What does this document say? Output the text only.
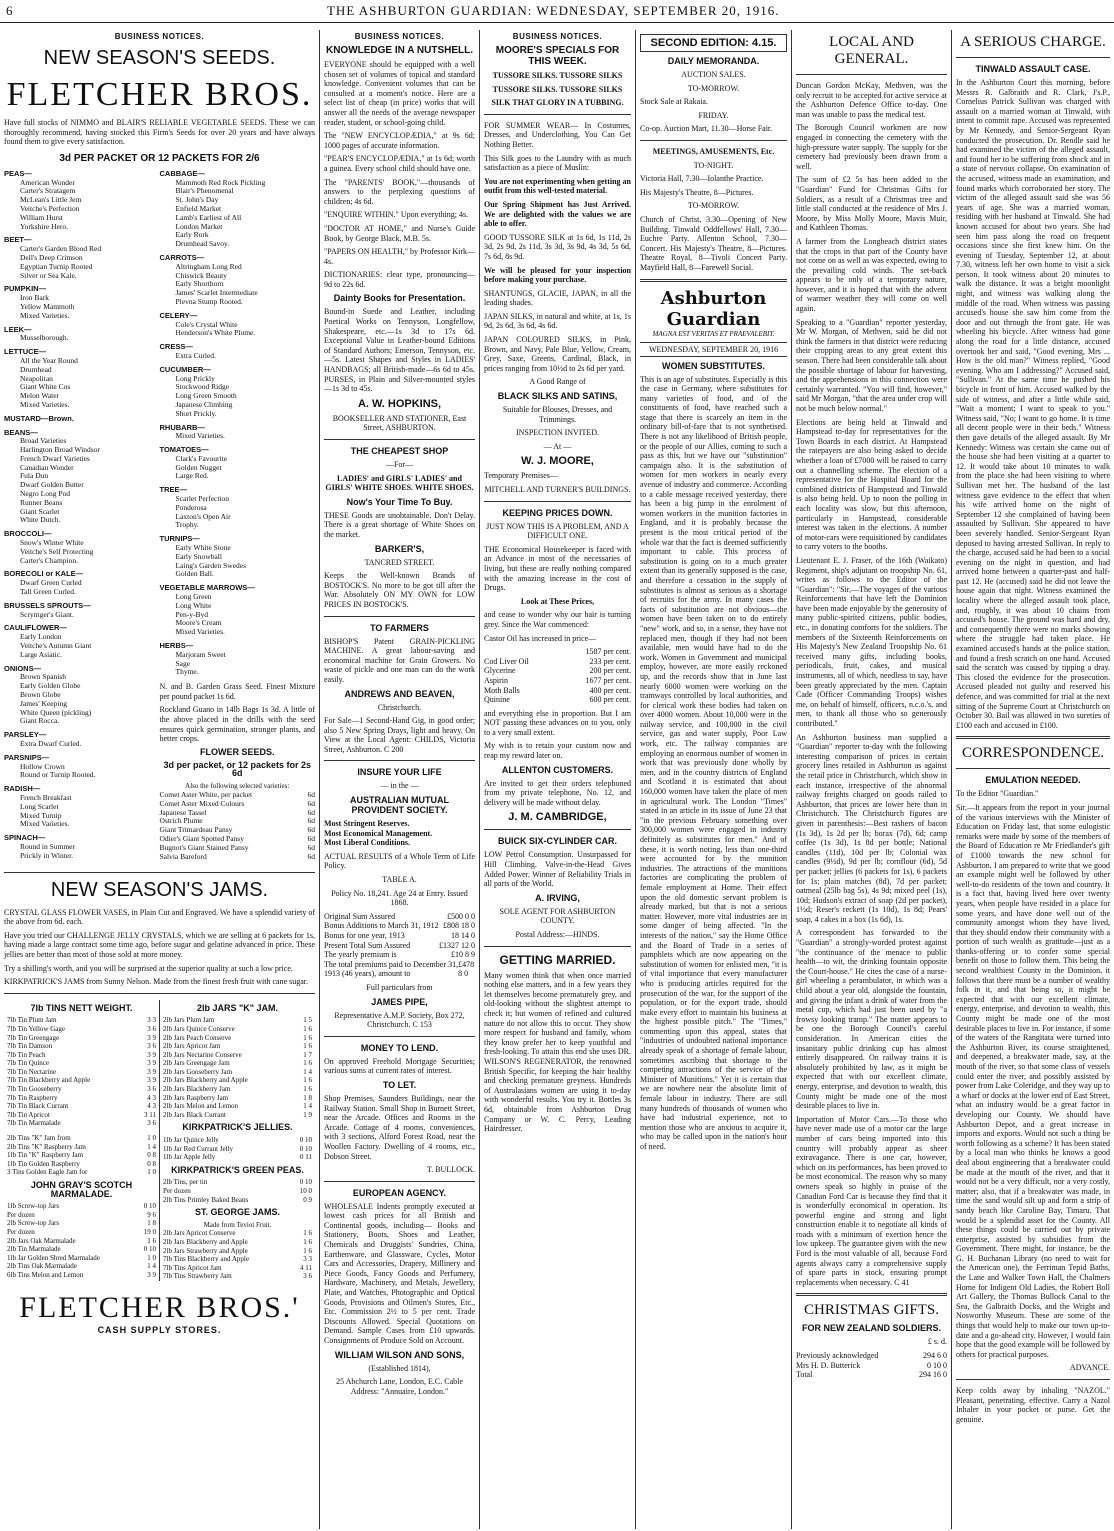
6	THE ASHBURTON GUARDIAN: WEDNESDAY, SEPTEMBER 20, 1916.
BUSINESS NOTICES.
NEW SEASON'S SEEDS.
FLETCHER BROS.

Have full stocks of NIMMO and BLAIR'S RELIABLE VEGETABLE SEEDS. These we can thoroughly recommend, having stocked this Firm's Seeds for over 20 years and have always found them to give every satisfaction.

3d PER PACKET OR 12 PACKETS FOR 2/6
PEAS—
American Wonder
Carter's Stratagem
McLean's Little Jem
Veitche's Perfection
William Hurst
Yorkshire Hero.
BEET—
Carter's Garden Blood Red
Dell's Deep Crimson
Egyptian Turnip Rooted
Silver or Sea Kale.
PUMPKIN—
Iron Bark
Yellow Mammoth
Mixed Varieties.
LEEK—
Musselborough.
LETTUCE—
All the Year Round
Drumhead
Neapolitan
Giant White Cos
Melon Water
Mixed Varieties.
MUSTARD—Brown.
BEANS—
Broad Varieties
Harlington Broad Windsor
French Dwarf Varieties
Canadian Wonder
Fula Dun
Dwarf Golden Butter
Negro Long Pod
Runner Beans
Giant Scarlet
White Dutch.
BROCCOLI—
Snow's Winter White
Veitche's Self Protecting
Carter's Champion.
BORECOLI or KALE—
Dwarf Green Curled
Tall Green Curled.
BRUSSELS SPROUTS—
Scrymger's Giant.
CAULIFLOWER—
Early London
Veitche's Autumn Giant
Large Asiatic.
ONIONS—
Brown Spanish
Early Golden Globe
Brown Globe
James' Keeping
White Queen (pickling)
Giant Rocca.
PARSLEY—
Extra Dwarf Curled.
PARSNIPS—
Hollow Crown
Round or Turnip Rooted.
RADISH—
French Breakfast
Long Scarlet
Mixed Turnip
Mixed Varieties.
SPINACH—
Round in Summer
Prickly in Winter.
CABBAGE—
Mammoth Red Rock Pickling
Blair's Phenomenal
St. John's Day
Enfield Market
Lamb's Earliest of All
London Market
Early Rork
Drumhead Savoy.
CARROTS—
Altringham Long Red
Chiswick Beauty
Early Shorthorn
James' Scarlet Intermediate
Plevna Stump Rooted.
CELERY—
Cole's Crystal White
Henderson's White Plume.
CRESS—
Extra Curled.
CUCUMBER—
Long Prickly
Stockwood Ridge
Long Green Smooth
Japanese Climbing
Short Prickly.
RHUBARB—
Mixed Varieties.
TOMATOES—
Clark's Favourite
Golden Nugget
Large Red.
TREE—
Scarlet Perfection
Ponderosa
Laxton's Open Air
Trophy.
TURNIPS—
Early White Stone
Early Snowball
Laing's Garden Swedes
Golden Ball.
VEGETABLE MARROWS—
Long Green
Long White
Pen-y-Byd
Moore's Cream
Mixed Varieties.
HERBS—
Marjoram Sweet
Sage
Thyme.

N. and B. Garden Grass Seed. Finest Mixture per pound packet 1s 6d.

Rockland Guano in 14lb Bags 1s 3d. A little of the above placed in the drills with the seed ensures quick germination, stronger plants, and better crops.

FLOWER SEEDS.
3d per packet, or 12 packets for 2s 6d
Also the following selected varieties:
Comet Aster White, per packet	6d
Comet Aster Mixed Colours	6d
Japanese Tassel	6d
Ostrich Plume	6d
Giant Trimardeau Pansy	6d
Odier's Giant Spotted Pansy	6d
Bugnot's Giant Stained Pansy	6d
Salvia Bareford	6d
NEW SEASON'S JAMS.

CRYSTAL GLASS FLOWER VASES, in Plain Cut and Engraved. We have a splendid variety of the above from 6d. each.

Have you tried our CHALLENGE JELLY CRYSTALS, which we are selling at 6 packets for 1s, having made a large contract some time ago, before sugar and gelatine advanced in price. These jellies are better than most of those sold at more money.

Try a shilling's worth, and you will be surprised at the superior quality at such a low price.

KIRKPATRICK'S JAMS from Sunny Nelson. Made from the finest fresh fruit with cane sugar.

7lb TINS NETT WEIGHT.
7lb Tin Plum Jam	3 3
7lb Tin Yellow Gage	3 6
7lb Tin Greengage	3 9
7lb Tin Damson	3 6
7lb Tin Peach	3 9
7lb Tin Quince	3 9
7lb Tin Nectarine	3 9
7lb Tin Blackberry and Apple	3 9
7lb Tin Gooseberry	3 6
7lb Tin Raspberry	4 3
7lb Tin Black Currant	4 3
7lb Tin Apricot	3 11
7lb Tin Marmalade	3 6
2lb Tins "K" Jam from	1 0
2lb Tins "K" Raspberry Jam	1 4
1lb Tin "K" Raspberry Jam	0 8
1lb Tin Golden Raspberry	0 8
3 Tins Golden Eagle Jam for	1 0
JOHN GRAY'S SCOTCH MARMALADE.
1lb Screw-top Jars	0 10
Per dozen	9 6
2lb Screw-top Jars	1 8
Per dozen	19 0
2lb Jars Oak Marmalade	1 6
2lb Tin Marmalade	0 10
1lb Jar Golden Shred Marmalade	1 0
2lb Tins Oak Marmalade	1 4
6lb Tins Melon and Lemon	3 9
2lb JARS "K" JAM.
2lb Jars Plum Jam	1 5
2lb Jars Quince Conserve	1 6
2lb Jars Peach Conserve	1 6
2lb Jars Apricot Jam	1 6
2lb Jars Nectarine Conserve	1 7
2lb Jars Greengage Jam	1 6
2lb Jars Gooseberry Jam	1 4
2lb Jars Blackberry and Apple	1 6
2lb Jars Blackberry Jam	1 6
2lb Jars Raspberry Jam	1 8
2lb Jars Melon and Lemon	1 4
2lb Jars Black Currant	1 9
KIRKPATRICK'S JELLIES.
1lb Jar Quince Jelly	0 10
1lb Jar Red Currant Jelly	0 10
1lb Jar Apple Jelly	0 11
KIRKPATRICK'S GREEN PEAS.
2lb Tins, per tin	0 10
Per dozen	10 0
2lb Tins Primley Baked Beans	0 9
ST. GEORGE JAMS.
Made from Teviot Fruit.
2lb Jars Apricot Conserve	1 6
2lb Jars Blackberry and Apple	1 6
2lb Jars Strawberry and Apple	1 6
7lb Tins Blackberry and Apple	3 3
7lb Tins Apricot Jam	4 11
7lb Tins Strawberry Jam	3 6
FLETCHER BROS.'
CASH SUPPLY STORES.
BUSINESS NOTICES.
KNOWLEDGE IN A NUTSHELL.

EVERYONE should be equipped with a well chosen set of volumes of topical and standard knowledge. Convenient volumes that can be consulted at a moment's notice. Here are a select list of cheap (in price) works that will answer all the needs of the average newspaper reader, student, or school-going child.

The "NEW ENCYCLOPÆDIA," at 9s 6d; 1000 pages of accurate information.

"PEAR'S ENCYCLOPÆDIA," at 1s 6d; worth a guinea. Every school child should have one.

The "PARENTS' BOOK,"—thousands of answers to the perplexing questions of children; 4s 6d.

"ENQUIRE WITHIN." Upon everything; 4s.

"DOCTOR AT HOME," and Nurse's Guide Book, by George Black, M.B. 5s.

"PAPERS ON HEALTH," by Professor Kirk—4s.

DICTIONARIES: clear type, pronouncing—9d to 22s 6d.

Dainty Books for Presentation.

Bound-in Suede and Leather, including Poetical Works on Tennyson, Longfellow, Shakespeare, etc.—1s 3d to 17s 6d. Exceptional Value in Leather-bound Editions of Standard Authors; Emerson, Tennyson, etc.—5s. Latest Shapes and Styles in LADIES' HANDBAGS; all British-made—6s 6d to 45s. PURSES, in Plain and Silver-mounted styles—1s 3d to 45s.

A. W. HOPKINS,
BOOKSELLER AND STATIONER, East Street, ASHBURTON.
THE CHEAPEST SHOP
—For—
LADIES' and GIRLS' LADIES' and GIRLS' WHITE SHOES. WHITE SHOES.
Now's Your Time To Buy.

THESE Goods are unobtainable. Don't Delay. There is a great shortage of White Shoes on the market.

BARKER'S,
TANCRED STREET.

Keeps the Well-known Brands of BOSTOCK'S. No more to be got till after the War. Absolutely ON MY OWN for LOW PRICES IN BOSTOCK'S.

TO FARMERS

BISHOP'S Patent GRAIN-PICKLING MACHINE. A great labour-saving and economical machine for Grain Growers. No waste of pickle and one man can do the work easily.

ANDREWS AND BEAVEN,
Christchurch.

For Sale—1 Second-Hand Gig, in good order; also 5 New Spring Drays, light and heavy. On View at the Local Agent: CHILDS, Victoria Street, Ashburton. C 200

INSURE YOUR LIFE
— in the —
AUSTRALIAN MUTUAL PROVIDENT SOCIETY.
Most Stringent Reserves.
Most Economical Management.
Most Liberal Conditions.

ACTUAL RESULTS of a Whole Term of Life Policy.

TABLE A.
Policy No. 18,241. Age 24 at Entry. Issued 1868.
Original Sum Assured	£500 0 0
Bonus Additions to March 31, 1912 £808 18 0
Bonus for one year, 1913	18 14 0
Present Total Sum Assured	£1327 12 0
The yearly premium is	£10 8 9
The total premiums paid to December 31, 1913 (46 years), amount to
£478 8 0
Full particulars from
JAMES PIPE,
Representative A.M.P. Society, Box 272, Christchurch. C 153
MONEY TO LEND.

On approved Freehold Mortgage Securities; various sums at current rates of interest.

TO LET.

Shop Premises, Saunders Buildings, near the Railway Station. Small Shop in Burnett Street, near the Arcade. Offices and Rooms in the Arcade. Cottage of 4 rooms, conveniences, with 3 sections, Alford Forest Road, near the Woollen Factory. Dwelling of 4 rooms, etc., Dobson Street.

T. BULLOCK.
EUROPEAN AGENCY.

WHOLESALE Indents promptly executed at lowest cash prices for all British and Continental goods, including— Books and Stationery, Boots, Shoes and Leather, Chemicals and Druggists' Sundries, China, Earthenware, and Glassware, Cycles, Motor Cars and Accessories, Drapery, Millinery and Piece Goods, Fancy Goods and Perfumery, Hardware, Machinery, and Metals, Jewellery, Plate, and Watches, Photographic and Optical Goods, Provisions and Oilmen's Stores, Etc., Etc. Commission 2½ to 5 per cent. Trade Discounts Allowed. Special Quotations on Demand. Sample Cases from £10 upwards. Consignments of Produce Sold on Account.

WILLIAM WILSON AND SONS,
(Established 1814),
25 Abchurch Lane, London, E.C. Cable Address: "Annuaire, London."
BUSINESS NOTICES.
MOORE'S SPECIALS FOR THIS WEEK.
TUSSORE SILKS. TUSSORE SILKS
TUSSORE SILKS. TUSSORE SILKS
SILK THAT GLORY IN A TUBBING.

FOR SUMMER WEAR— In Costumes, Dresses, and Underclothing, You Can Get Nothing Better.

This Silk goes to the Laundry with as much satisfaction as a piece of Muslin:

You are not experimenting when getting an outfit from this well-tested material.

Our Spring Shipment has Just Arrived. We are delighted with the values we are able to offer.

GOOD TUSSORE SILK at 1s 6d, 1s 11d, 2s 3d, 2s 9d, 2s 11d, 3s 3d, 3s 9d, 4s 3d, 5s 6d, 7s 6d, 8s 9d.

We will be pleased for your inspection before making your purchase.

SHANTUNGS, GLACIE, JAPAN, in all the leading shades.

JAPAN SILKS, in natural and white, at 1s, 1s 9d, 2s 6d, 3s 6d, 4s 6d.

JAPAN COLOURED SILKS, in Pink, Brown, and Navy, Pale Blue, Yellow, Cream, Grey, Saxe, Greens, Cardinal, Black, in prices ranging from 10½d to 2s 6d per yard.

A Good Range of
BLACK SILKS AND SATINS,
Suitable for Blouses, Dresses, and Trimmings.
INSPECTION INVITED.
— At —
W. J. MOORE,
Temporary Premises—
MITCHELL AND TURNER'S BUILDINGS.
KEEPING PRICES DOWN.
JUST NOW THIS IS A PROBLEM, AND A DIFFICULT ONE.

THE Economical Housekeeper is faced with an Advance in most of the necessaries of living, but these are really nothing compared with the amazing increase in the cost of Drugs.

Look at These Prices,

and cease to wonder why our hair is turning grey. Since the War commenced:

Castor Oil has increased in price—
1587 per cent.
Cod Liver Oil	233 per cent.
Glycerine	200 per cent.
Aspirin	1677 per cent.
Moth Balls	400 per cent.
Quinine	600 per cent.

and everything else in proportion. But I am NOT passing these advances on to you, only to a very small extent.

My wish is to retain your custom now and reap my reward later on.

ALLENTON CUSTOMERS.

Are invited to get their orders telephoned from my private telephone, No. 12, and delivery will be made without delay.

J. M. CAMBRIDGE,
BUICK SIX-CYLINDER CAR.

LOW Petrol Consumption. Unsurpassed for Hill Climbing. Valve-in-the-Head Gives Added Power. Winner of Reliability Trials in all parts of the World.

A. IRVING,
SOLE AGENT FOR ASHBURTON COUNTY.
Postal Address:—HINDS.
GETTING MARRIED.

Many women think that when once married nothing else matters, and in a few years they let themselves become prematurely grey, and old-looking without the slightest attempt to check it; but women of refined and cultured nature do not allow this to occur. They show more respect for husband and family, whom they know prefer her to keep youthful and fresh-looking. To attain this end she uses DR. WILSON'S REGENERATOR, the renowned British Specific, for keeping the hair healthy and checking premature greyness. Hundreds of Australasians women are using it to-day with wonderful results. You try it. Bottles 3s 6d, obtainable from Ashburton Drug Company or W. C. Percy, Leading Hairdresser.

SECOND EDITION: 4.15.
DAILY MEMORANDA.
AUCTION SALES.
TO-MORROW.
Stock Sale at Rakaia.
FRIDAY.
Co-op. Auction Mart, 11.30—Horse Fair.
MEETINGS, AMUSEMENTS, Etc.
TO-NIGHT.
Victoria Hall, 7.30—Iolanthe Practice.
His Majesty's Theatre, 8—Pictures.
TO-MORROW.

Church of Christ, 3.30—Opening of New Building. Tinwald Oddfellows' Hall, 7.30—Euchre Party. Allenton School, 7.30—Concert. His Majesty's Theatre, 8—Pictures. Theatre Royal, 8—Tivoli Concert Party. Mayfield Hall, 8—Farewell Social.

Ashburton Guardian
MAGNA EST VERITAS ET PRAEVALEBIT.
WEDNESDAY, SEPTEMBER 20, 1916
WOMEN SUBSTITUTES.

This is an age of substitutes. Especially is this the case in Germany, where substitutes for many varieties of food, and of the constituents of food, have reached such a stage that there is scarcely an item in the ordinary bill-of-fare that is not synthetised. There is not any likelihood of British people, or the people of our Allies, coming to such a pass as this, but we have our "substitution" campaign also. It is the substitution of women for men workers in nearly every avenue of industry and commerce. According to a cable message received yesterday, there has been a big jump in the enrolment of women workers in the munition factories in England, and it is probably because the present is the most critical period of the whole war that the fact is deemed sufficiently important to cable. This process of substitution is going on to a much greater extent than its generally supposed is the case, and therefore a cessation in the supply of substitutes is almost as serious as a shortage of recruits for the army. In many cases the facts of substitution are not obvious—the women have been taken on to do entirely "new" work, and so, in a sense, they have not replaced men, though if they had not been available, men would have had to do the work. Women in Government and municipal employ, however, are more easily reckoned up, and the records show that in June last nearly 6000 women were working on the tramways controlled by local authorities, and for clerical work these bodies had taken on over 4000 women. About 10,000 were in the railway service, and 100,000 in the civil service, gas and water supply, Poor Law work, etc. The railway companies are employing an enormous number of women in work that was previously done wholly by men, and in the country districts of England and Scotland it is estimated that about 160,000 women have taken the place of men in agricultural work. The London "Times" stated in an article in its issue of June 23 that "in the previous February something over 300,000 women were engaged in industry definitely as substitutes for men." And of these, it is worth noting, less than one-third were accounted for by the munition industries. The attractions of the munitions factories are complicating the problem of female employment at Home. Their effect upon the old domestic servant problem is already marked, but that is not a serious matter. However, more vital industries are in some danger of being affected. "In the interests of the nation," say the Home Office and the Board of Trade in a series of pamphlets which are now appearing on the substitution of women for enlisted men, "it is of vital importance that every manufacturer who is producing articles required for the prosecution of the war, for the support of the population, or for the export trade, should make every effort to maintain his business at the highest possible pitch." The "Times," commenting upon this appeal, states that "industries of undoubted national importance already speak of a shortage of female labour, sometimes ascribing that shortage to the competing attractions of the service of the Minister of Munitions." Yet it is certain that we are nowhere near the absolute limit of female labour in industry. There are still many hundreds of thousands of women who have had industrial experience, not to mention those who are anxious to acquire it, who may be called upon in the nation's hour of need.

LOCAL AND GENERAL.

Duncan Gordon McKay, Methven, was the only recruit to be accepted for active service at the Ashburton Defence Office to-day. One man was unable to pass the medical test.

The Borough Council workmen are now engaged in connecting the cemetery with the high-pressure water supply. The supply for the cemetery had previously been drawn from a well.

The sum of £2 5s has been added to the "Guardian" Fund for Christmas Gifts for Soldiers, as a result of a Christmas tree and little stall conducted at the residence of Mrs J. Moore, by Miss Molly Moore, Mavis Muir, and Kathleen Thomas.

A farmer from the Longbeach district states that the crops in that part of the County have not come on as well as was expected, owing to the prevailing cold winds. The set-back appears to be only of a temporary nature, however, and it is hoped that with the advent of warmer weather they will come on well again.

Speaking to a "Guardian" reporter yesterday, Mr W. Morgan, of Methven, said he did not think the farmers in that district were reducing their cropping areas to any great extent this season. There had been considerable talk about the possible shortage of labour for harvesting, and the apprehensions in this connection were certainly warranted. "You will find, however," said Mr Morgan, "that the area under crop will not be much below normal."

Elections are being held at Tinwald and Hampstead to-day for representatives for the Town Boards in each district. At Hampstead the ratepayers are also being asked to decide whether a loan of £7000 will be raised to carry out a channelling scheme. The election of a representative for the Hospital Board for the combined districts of Hampstead and Tinwald is also being held. Up to noon the polling in each locality was slow, but this afternoon, particularly in Hampstead, considerable interest was taken in the elections. A number of motor-cars were requisitioned by candidates to carry voters to the booths.

Lieutenant E. J. Fraser, of the 16th (Waikato) Regiment, ship's adjutant on troopship No. 61, writes as follows to the Editor of the "Guardian": "Sir,—The voyages of the various Reinforcements that have left the Dominion have been made enjoyable by the generosity of many public-spirited citizens, public bodies, etc., in donating comforts for the soldiers. The members of the Sixteenth Reinforcements on His Majesty's New Zealand Troopship No. 61 received many gifts, including books, periodicals, fruit, cakes, and musical instruments, all of which, needless to say, have been greatly appreciated by the men. Captain Cade (Officer Commanding Troops) wishes me, on behalf of himself, officers, n.c.o.'s, and men, to thank all those who so generously contributed."

An Ashburton business man supplied a "Guardian" reporter to-day with the following interesting comparison of prices in certain grocery lines retailed in Ashburton as against the retail price in Christchurch, which show in each instance, irrespective of the abnormal railway freights charged on goods railed to Ashburton, that prices are lower here than in Christchurch. The Christchurch figures are given in parenthesis:—Best rashers of bacon (1s 3d), 1s 2d per lb; borax (7d), 6d; camp coffee (1s 3d), 1s 8d per bottle; National candles (11d), 10d per lb; Colonial wax candles (9½d), 9d per lb; cornflour (6d), 5d per packet; jellies (6 packets for 1s), 6 packets for 1s; plain matches (8d), 7d per packet; oatmeal (25lb bag 5s), 4s 9d; mixed peel (1s), 10d; Hudson's extract of soap (2d per packet), 1½d; Reser's reckett (1s 10d), 1s 8d; Pears' soap, 4 cakes in a box (1s 6d), 1s.

A correspondent has forwarded to the "Guardian" a strongly-worded protest against "the continuance of the menace to public health—to wit, the drinking fountain opposite the Court-house." He cites the case of a nurse-girl wheeling a perambulator, in which was a child about a year old, alongside the fountain, and giving the infant a drink of water from the metal cup, which had just been used by "a frowsy looking tramp." The matter appears to be one the Borough Council's careful consideration. In American cities the insanitary public drinking cup has almost entirely disappeared. On railway trains it is absolutely prohibited by law, as it might be expected that with our excellent climate, energy, enterprise, and devotion to wealth, this County might be made one of the most desirable places to live in.

Importation of Motor Cars.—To those who have never made use of a motor car the large number of cars being imported into this country will probably appear as sheer extravagance. There is one car, however, which on its performances, has been proved to be most economical. The reason why so many owners speak so highly in praise of the Canadian Ford Car is because they find that it is wonderfully economical in operation. Its powerful engine and strong and light construction enable it to negotiate all kinds of roads with a minimum of exertion hence the low upkeep. The guarantee given with the new Ford is the most valuable of all, because Ford agents always carry a comprehensive supply of spare parts in stock, ensuring prompt replacements when necessary. C 41

CHRISTMAS GIFTS.
FOR NEW ZEALAND SOLDIERS.
£ s. d.
Previously acknowledged	294 6 0
Mrs H. D. Butterick	0 10 0
Total	294 16 0
A SERIOUS CHARGE.
TINWALD ASSAULT CASE.

In the Ashburton Court this morning, before Messrs R. Galbraith and R. Clark, J's.P., Cornelius Patrick Sullivan was charged with assault on a married woman at Tinwald, with intent to commit rape. Accused was represented by Mr Kennedy, and Senior-Sergeant Ryan conducted the prosecution. Dr. Rendle said he had examined the victim of the alleged assault, and found her to be suffering from shock and in a state of nervous collapse. On examination of the accused, witness made an examination, and found marks which corroborated her story. The victim of the alleged assault said she was 56 years of age. She was a married woman, residing with her husband at Tinwald. She had known accused for about two years. She had seen him pass along the road on frequent occasions since she first knew him. On the evening of Tuesday, September 12, at about 7.30, witness left her own home to visit a sick person. It took witness about 20 minutes to walk the distance. It was a bright moonlight night, and witness was walking along the middle of the road. When witness was passing accused's house she saw him come from the door and out through the front gate. He was wheeling his bicycle. After witness had gone along the road for a little distance, accused overtook her and said, "Good evening, Mrs ... How is the old man?" Witness replied, "Good evening. Who am I addressing?" Accused said, "Sullivan." At the same time he pushed his bicycle in front of him. Accused walked by the side of witness, and after a little while said, "Wait a moment; I want to speak to you." Witness said, "No; I want to go home. It is time all decent people were in their beds." Witness then gave details of the alleged assault. By Mr Kennedy: Witness was certain she came out of the house she had been visiting at a quarter to 12. It would take about 10 minutes to walk from the place she had been visiting to where Sullivan met her. The husband of the last witness gave evidence to the effect that when his wife arrived home on the night of September 12 she complained of having been assaulted by Sullivan. She appeared to have been severely handled. Senior-Sergeant Ryan deposed to having arrested Sullivan. In reply to the charge, accused said he had been to a social evening on the night in question, and had arrived home between a quarter-past and half-past 12. He (accused) said he did not leave the house again that night. Witness examined the locality where the alleged assault took place, and, roughly, it was about 10 chains from accused's house. The ground was hard and dry, and consequently there were no marks showing where the struggle had taken place. He examined accused's hands at the police station, and found a fresh scratch on one hand. Accused said the scratch was caused by tipping a dray. This closed the evidence for the prosecution. Accused pleaded not guilty and reserved his defence, and was committed for trial at the next sitting of the Supreme Court at Christchurch on October 30. Bail was allowed in two sureties of £100 each and accused in £100.

CORRESPONDENCE.
EMULATION NEEDED.
To the Editor "Guardian."

Sir,—It appears from the report in your journal of the various interviews with the Minister of Education on Friday last, that some eulogistic remarks were made by some of the members of the Board of Education re Mr Friedlander's gift of £1000 towards the new school for Ashburton. I am prepared to write that we good an example might well be followed by other well-to-do residents of the town and country. It is a fact that, having lived here over twenty years, when people have resided in a place for some years, and have done well out of the community amongst whom they have lived, that they should endow their community with a portion of such wealth as gratitude—just as a thanks-offering or to confer some special benefit on those to follow them. This being the second wealthiest County in the Dominion, it follows that there must be a number of wealthy folk in it, and that being so, it might be expected that with our excellent climate, energy, enterprise, and devotion to wealth, this County might be made one of the most desirable places to live in. For instance, if some of the waters of the Rangitata were turned into the Ashburton River, its course straightened, and deepened, a breakwater made, say, at the mouth of the river, so that some class of vessels could enter the river, and possibly assisted by power from Lake Coleridge, and they way up to a wharf or docks at the lower end of East Street, what an industry would be a great factor in developing our County. We should have Ashburton Depot, and a great increase in imports and exports. Would not such a thing be worth following as a scheme? It has been stated by a local man who thinks he knows a good deal about engineering that a breakwater could be made at the mouth of the river, and that it would not be a very difficult, nor a very costly, matter; also, that if a breakwater was made, in time the sand would silt up and form a strip of sandy beach like Caroline Bay, Timaru. That would be a splendid asset for the County. All these things could be carried out by private enterprise, assisted by subsidies from the Government. There might, for instance, be the G. H. Buchanan Library (no need to wait for the American one), the Ferriman Tepid Baths, the Lane and Walker Town Hall, the Chalmers Home for Indigent Old Ladies, the Robert Boll Art Gallery, the Thomas Bullock Canal to the Sea, the Galbraith Docks, and the Wright and Nosworthy Museum. These are some of the things that would help to make our town up-to-date and a go-ahead city. However, I would fain hope that the good example will be followed by others for practical purposes.

ADVANCE.

Keep colds away by inhaling "NAZOL." Pleasant, penetrating, effective. Carry a Nazol Inhaler in your pocket or purse. Get the genuine.
